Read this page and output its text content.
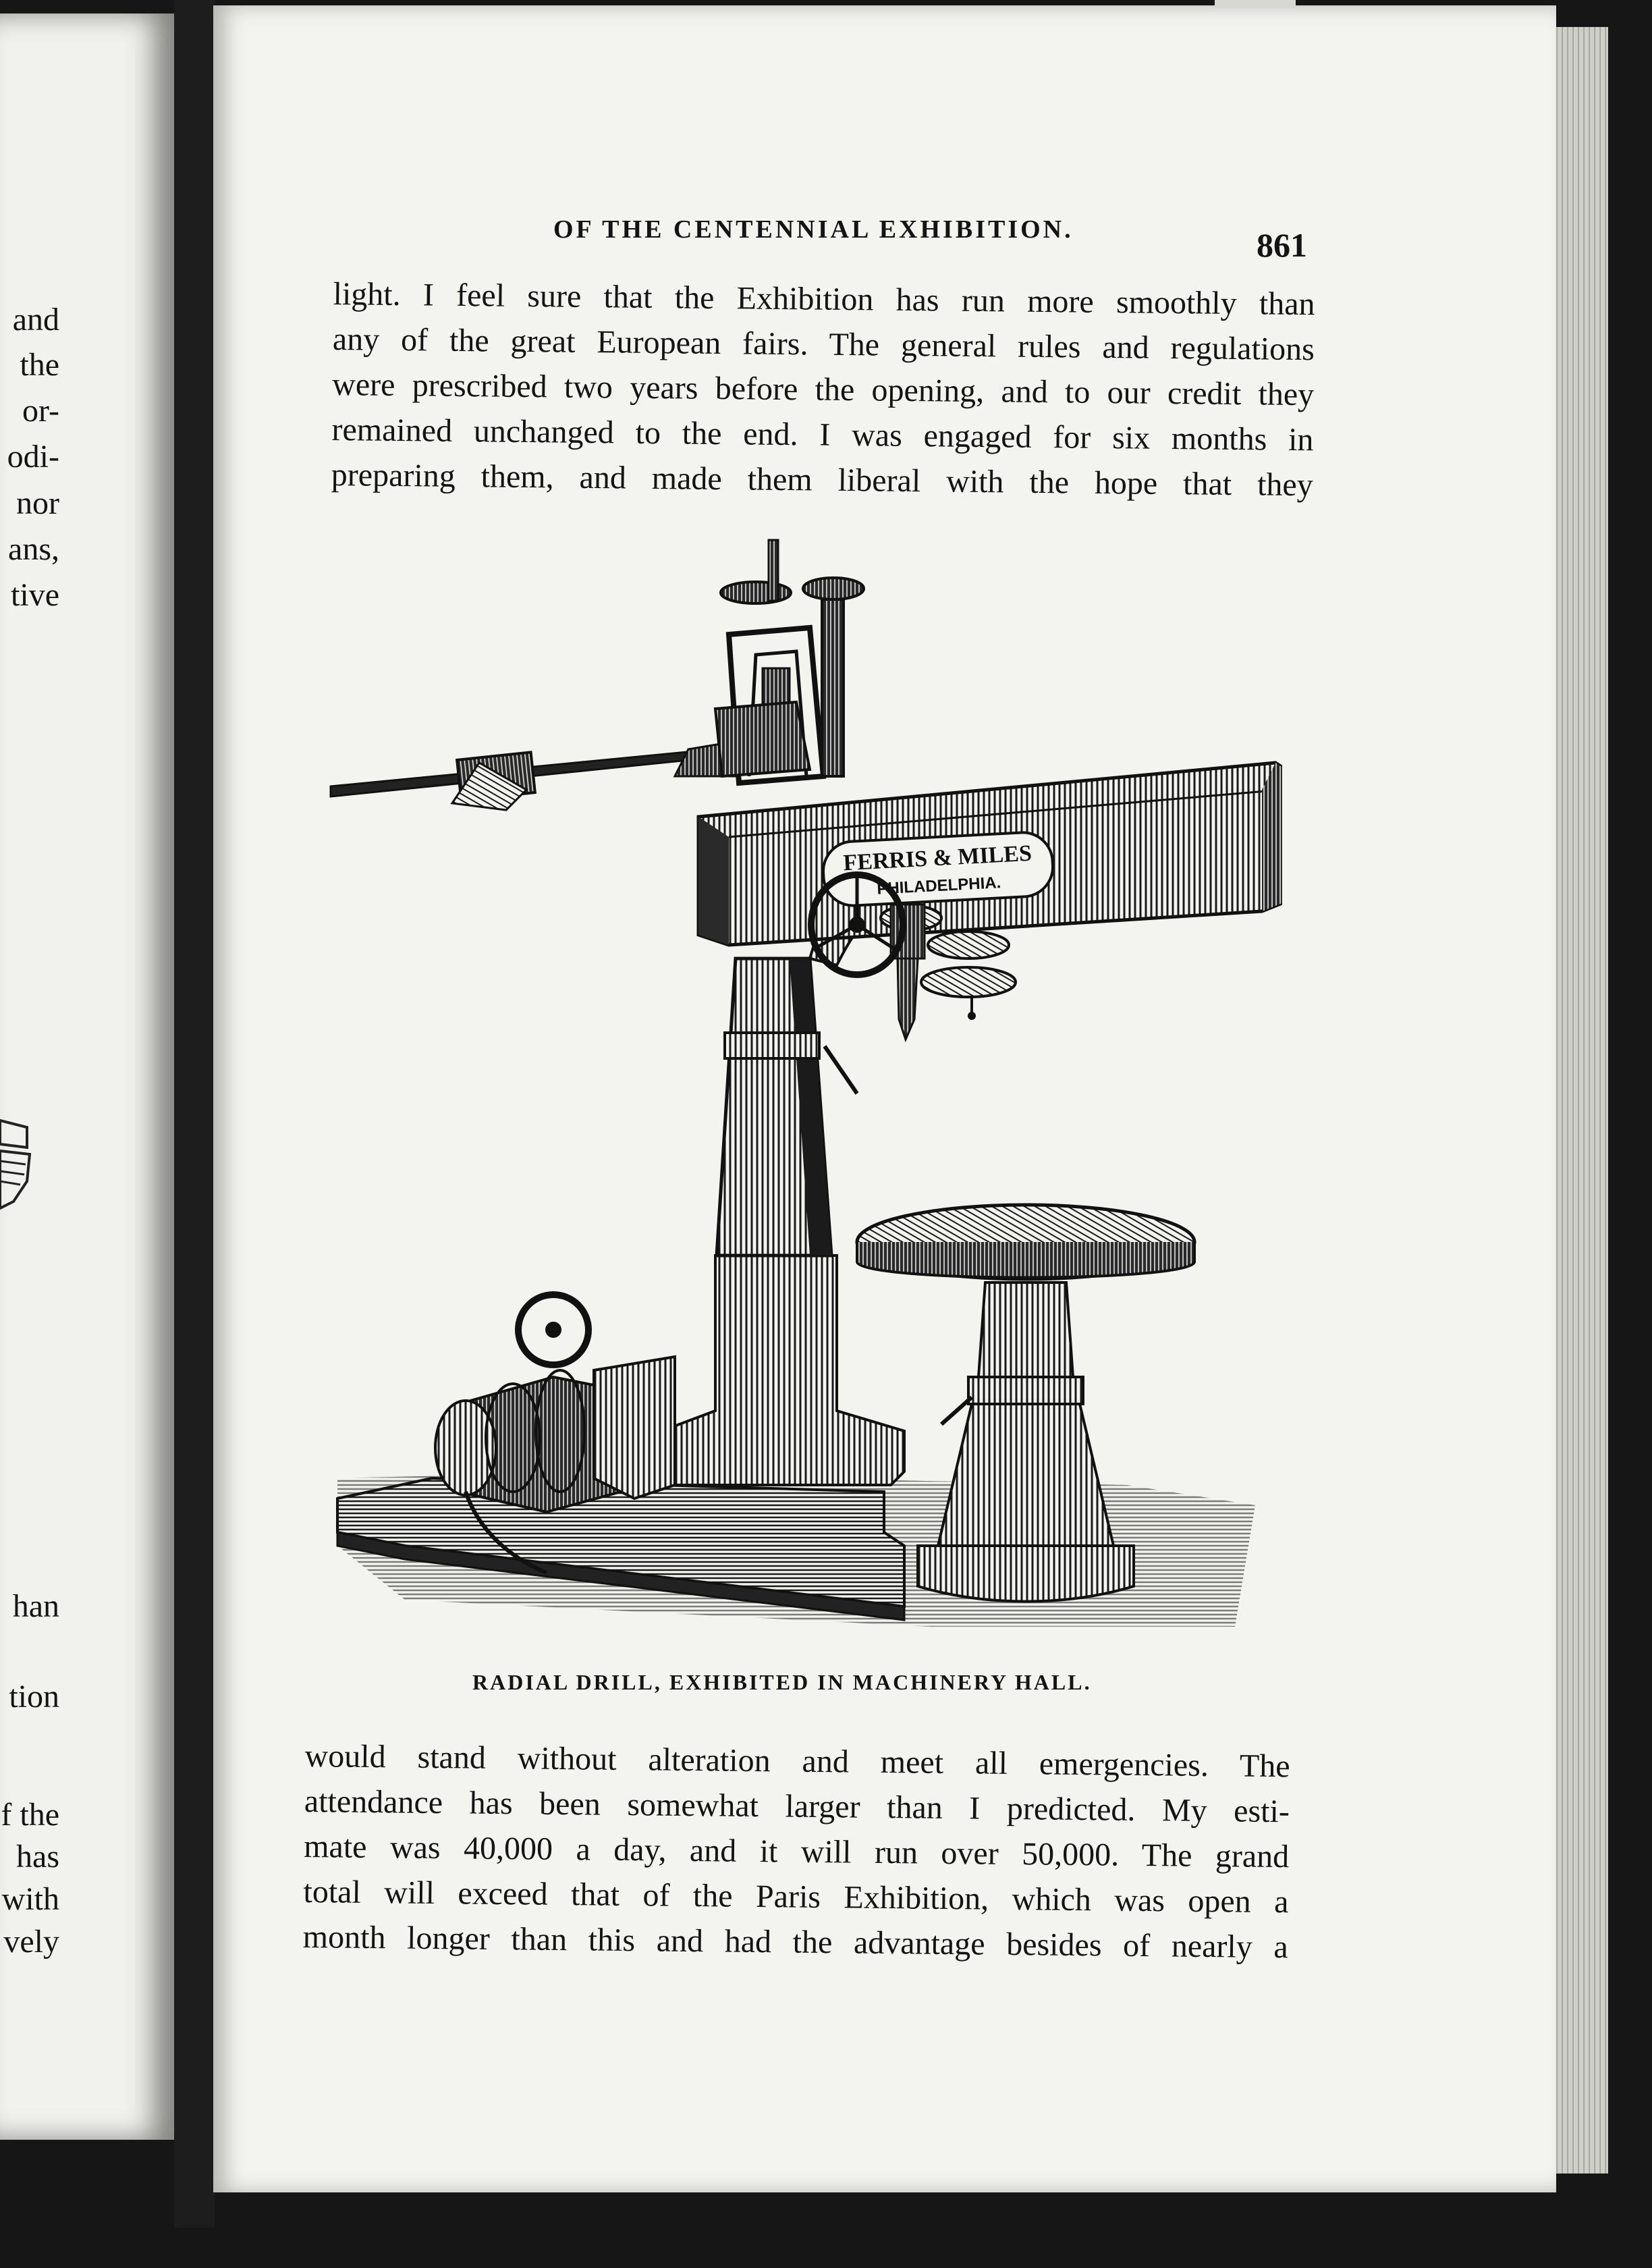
and
the
or-
odi-
nor
ans,
tive
han
tion
f the
has
with
vely
OF THE CENTENNIAL EXHIBITION.	861

light. I feel sure that the Exhibition has run more smoothly than
any of the great European fairs. The general rules and regulations
were prescribed two years before the opening, and to our credit they
remained unchanged to the end. I was engaged for six months in
preparing them, and made them liberal with the hope that they

FERRIS & MILES
PHILADELPHIA.
RADIAL DRILL, EXHIBITED IN MACHINERY HALL.

would stand without alteration and meet all emergencies. The
attendance has been somewhat larger than I predicted. My esti-
mate was 40,000 a day, and it will run over 50,000. The grand
total will exceed that of the Paris Exhibition, which was open a
month longer than this and had the advantage besides of nearly a
